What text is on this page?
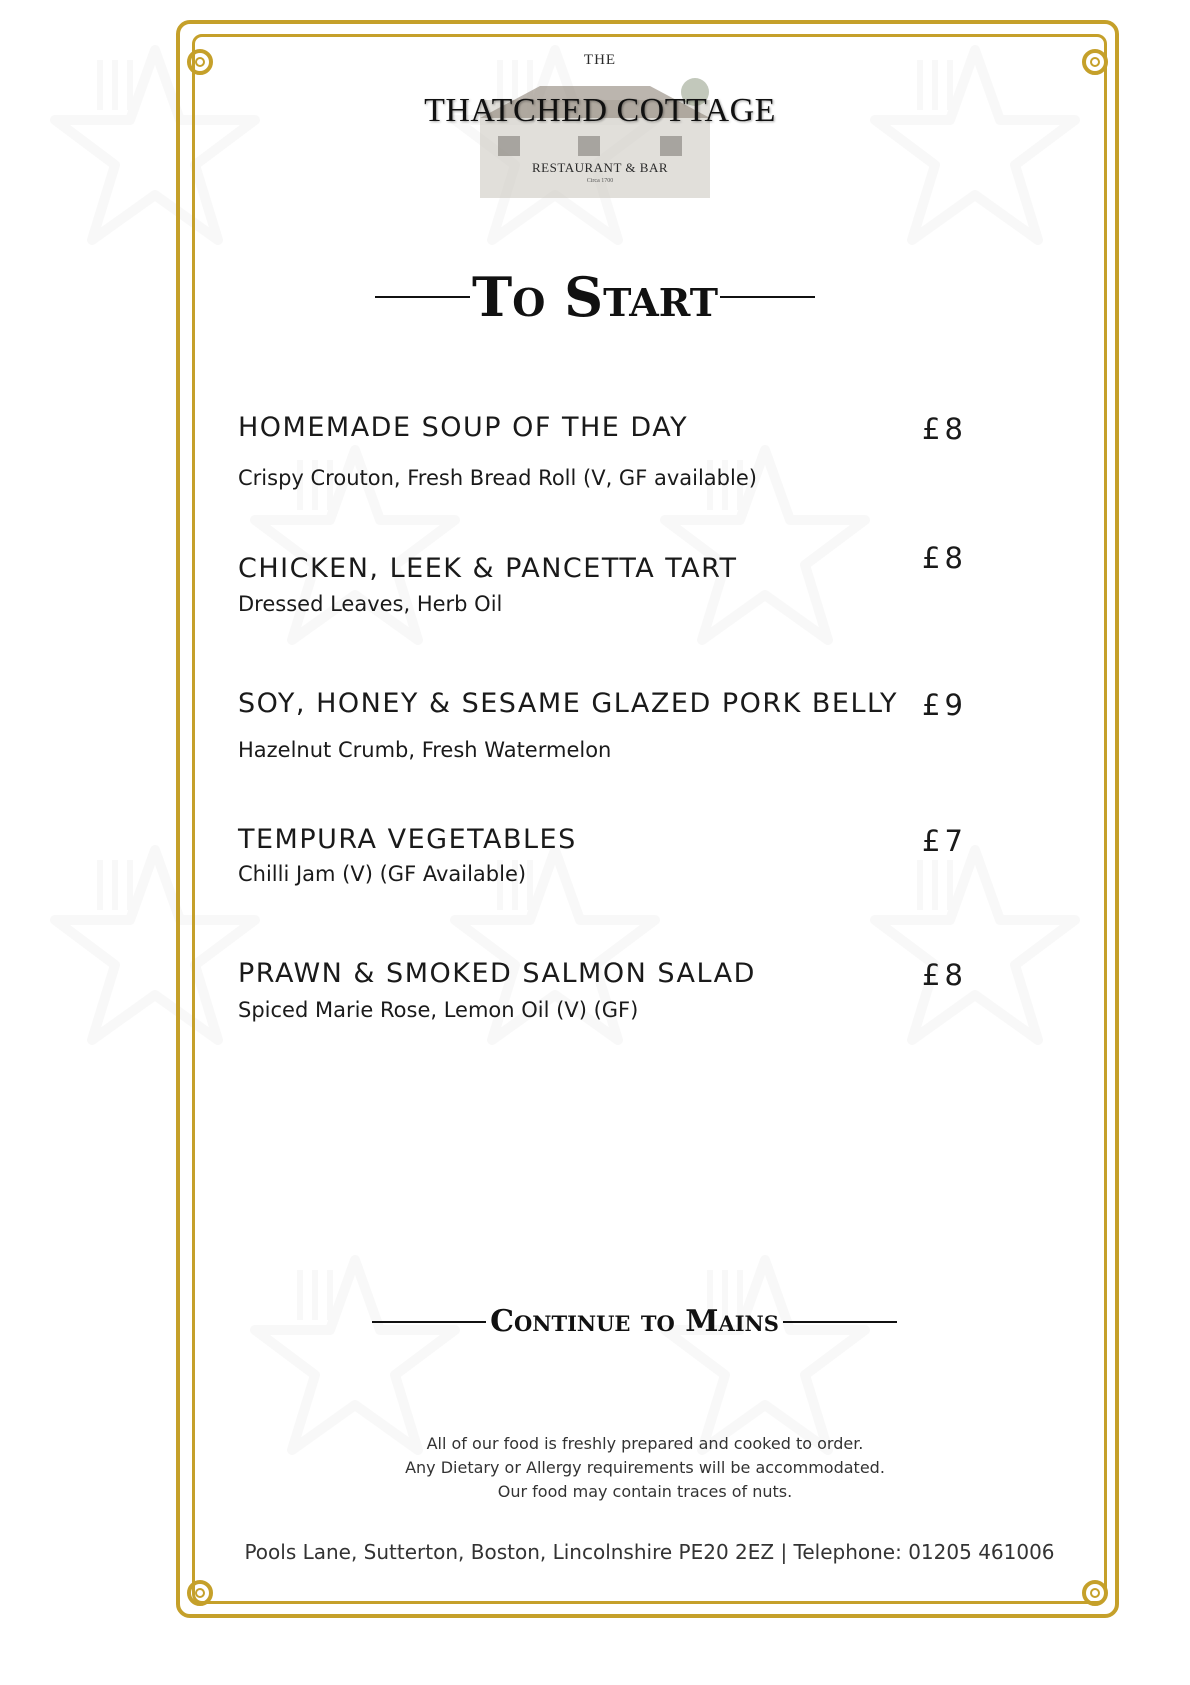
THE
THATCHED COTTAGE
RESTAURANT & BAR
Circa 1700
To Start
HOMEMADE SOUP OF THE DAY	£8
Crispy Crouton, Fresh Bread Roll (V, GF available)
CHICKEN, LEEK & PANCETTA TART	£8
Dressed Leaves, Herb Oil
SOY, HONEY & SESAME GLAZED PORK BELLY £9
Hazelnut Crumb, Fresh Watermelon
TEMPURA VEGETABLES	£7
Chilli Jam (V) (GF Available)
PRAWN & SMOKED SALMON SALAD	£8
Spiced Marie Rose, Lemon Oil (V) (GF)
Continue to Mains
All of our food is freshly prepared and cooked to order.
Any Dietary or Allergy requirements will be accommodated.
Our food may contain traces of nuts.
Pools Lane, Sutterton, Boston, Lincolnshire PE20 2EZ | Telephone: 01205 461006
